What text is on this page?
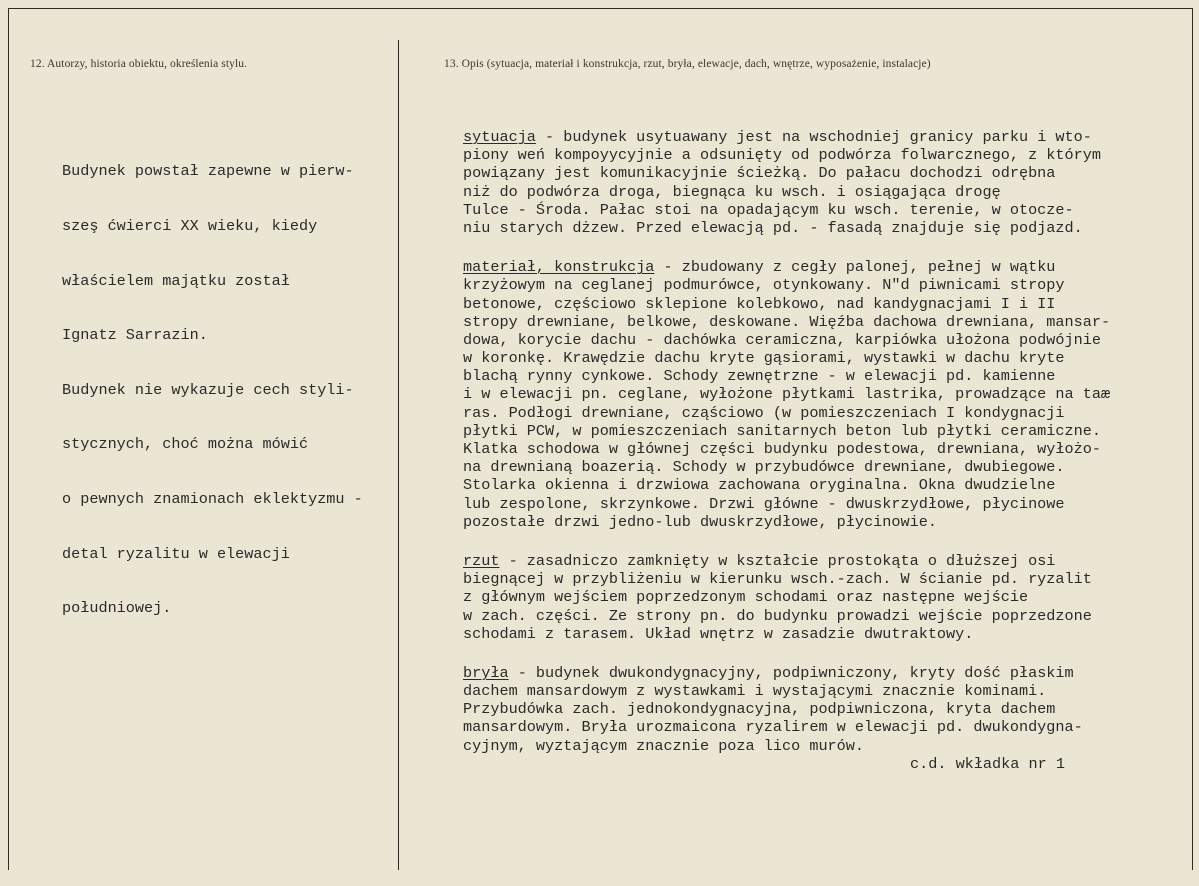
12. Autorzy, historia obiektu, określenia stylu.	13. Opis (sytuacja, materiał i konstrukcja, rzut, bryła, elewacje, dach, wnętrze, wyposażenie, instalacje)

Budynek powstał zapewne w pierw-

szeş ćwierci XX wieku, kiedy

właścielem majątku został

Ignatz Sarrazin.

Budynek nie wykazuje cech styli-

stycznych, choć można mówić

o pewnych znamionach eklektyzmu -

detal ryzalitu w elewacji

południowej.

sytuacja - budynek usytuawany jest na wschodniej granicy parku i wto-
piony weń kompoyycyjnie a odsunięty od podwórza folwarcznego, z którym
powiązany jest komunikacyjnie ścieżką. Do pałacu dochodzi odrębna
niż do podwórza droga, biegnąca ku wsch. i osiągająca drogę
Tulce - Środa. Pałac stoi na opadającym ku wsch. terenie, w otocze-
niu starych dżzew. Przed elewacją pd. - fasadą znajduje się podjazd.
materiał, konstrukcja - zbudowany z cegły palonej, pełnej w wątku
krzyżowym na ceglanej podmurówce, otynkowany. N"d piwnicami stropy
betonowe, częściowo sklepione kolebkowo, nad kandygnacjami I i II
stropy drewniane, belkowe, deskowane. Więźba dachowa drewniana, mansar-
dowa, korycie dachu - dachówka ceramiczna, karpiówka ułożona podwójnie
w koronkę. Krawędzie dachu kryte gąsiorami, wystawki w dachu kryte
blachą rynny cynkowe. Schody zewnętrzne - w elewacji pd. kamienne
i w elewacji pn. ceglane, wyłożone płytkami lastrika, prowadzące na taæ
ras. Podłogi drewniane, cząściowo (w pomieszczeniach I kondygnacji
płytki PCW, w pomieszczeniach sanitarnych beton lub płytki ceramiczne.
Klatka schodowa w głównej części budynku podestowa, drewniana, wyłożo-
na drewnianą boazerią. Schody w przybudówce drewniane, dwubiegowe.
Stolarka okienna i drzwiowa zachowana oryginalna. Okna dwudzielne
lub zespolone, skrzynkowe. Drzwi główne - dwuskrzydłowe, płycinowe
pozostałe drzwi jedno-lub dwuskrzydłowe, płycinowie.
rzut - zasadniczo zamknięty w kształcie prostokąta o dłuższej osi
biegnącej w przybliżeniu w kierunku wsch.-zach. W ścianie pd. ryzalit
z głównym wejściem poprzedzonym schodami oraz następne wejście
w zach. części. Ze strony pn. do budynku prowadzi wejście poprzedzone
schodami z tarasem. Układ wnętrz w zasadzie dwutraktowy.
bryła - budynek dwukondygnacyjny, podpiwniczony, kryty dość płaskim
dachem mansardowym z wystawkami i wystającymi znacznie kominami.
Przybudówka zach. jednokondygnacyjna, podpiwniczona, kryta dachem
mansardowym. Bryła urozmaicona ryzalirem w elewacji pd. dwukondygna-
cyjnym, wyztającym znacznie poza lico murów.
c.d. wkładka nr 1
